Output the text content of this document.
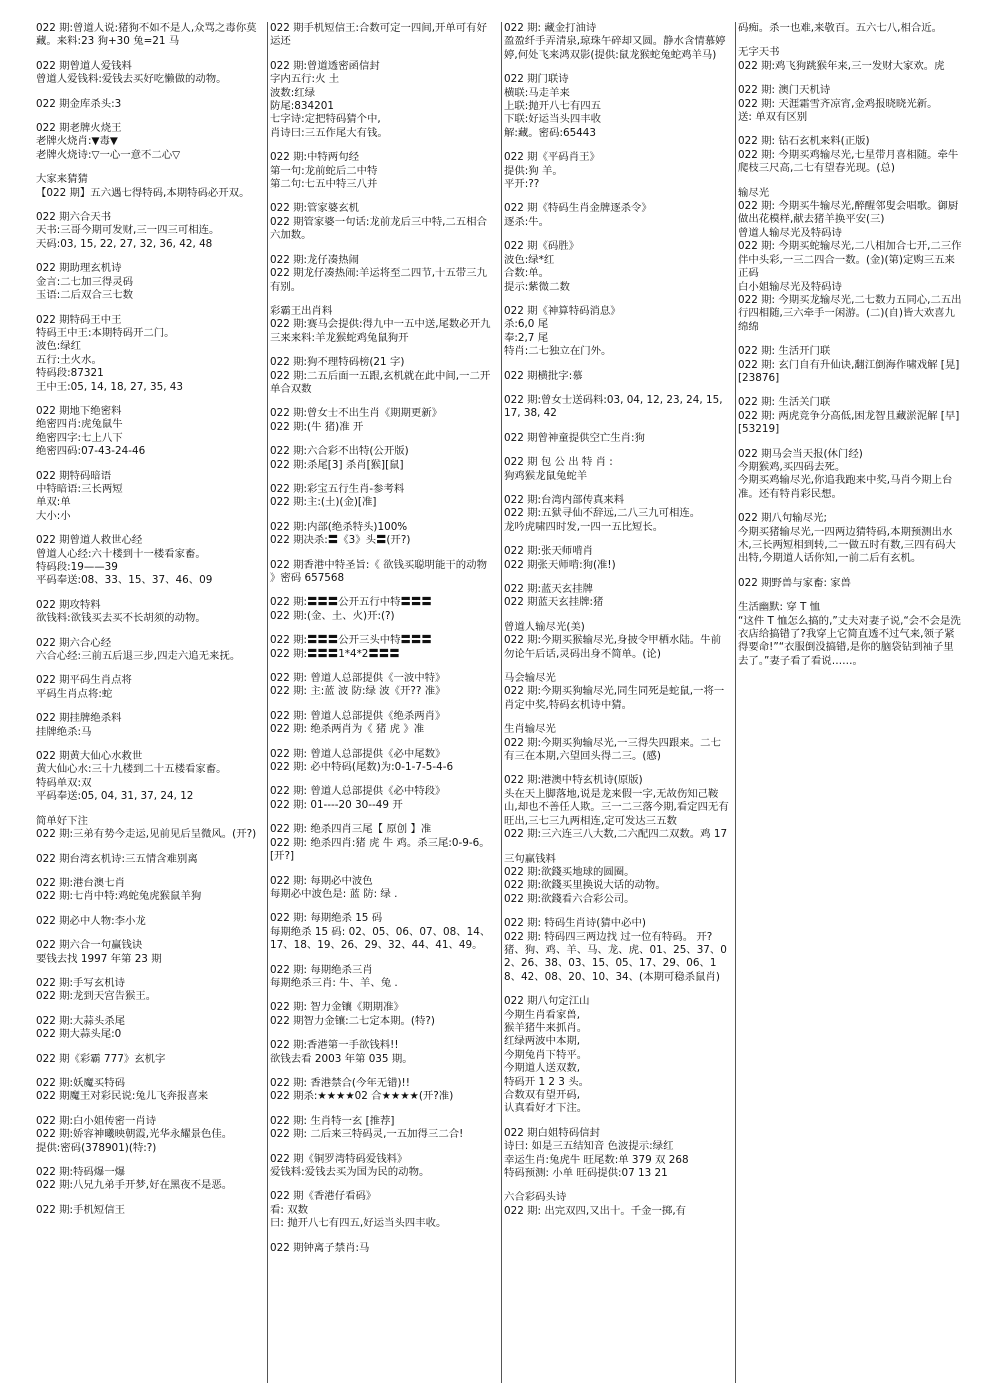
022 期:曾道人说:猪狗不如不是人,众骂之毒你莫藏。来料:23 狗+30 兔=21 马
022 期曾道人爱钱料
曾道人爱钱料:爱钱去买好吃懒做的动物。
022 期金库杀头:3
022 期老牌火烧王
老牌火烧肖:▼毒▼
老牌火烧诗:▽一心一意不二心▽
大家来猜猜
【022 期】五六遇七得特码,本期特码必开双。
022 期六合天书
天书:三哥今期可发财,三一四三可相连。
天码:03, 15, 22, 27, 32, 36, 42, 48
022 期助理玄机诗
金言:二七加三得灵码
玉语:二后双合三七数
022 期特码王中王
特码王中王:本期特码开二门。
波色:绿红
五行:土火水。
特码段:87321
王中王:05, 14, 18, 27, 35, 43
022 期地下绝密料
绝密四肖:虎兔鼠牛
绝密四字:七上八下
绝密四码:07-43-24-46
022 期特码暗语
中特暗语:三长两短
单双:单
大小:小
022 期曾道人救世心经
曾道人心经:六十楼到十一楼看家畜。
特码段:19——39
平码奉送:08、33、15、37、46、09
022 期攻特料
欲钱料:欲钱买去买不长胡须的动物。
022 期六合心经
六合心经:三前五后退三步,四走六追无来抚。
022 期平码生肖点将
平码生肖点将:蛇
022 期挂牌绝杀料
挂牌绝杀:马
022 期黄大仙心水救世
黄大仙心水:三十九楼到二十五楼看家畜。
特码单双:双
平码奉送:05, 04, 31, 37, 24, 12
简单好下注
022 期:三弟有势今走运,见前见后呈微风。(开?)
022 期台湾玄机诗:三五情含难别离
022 期:港台澳七肖
022 期:七肖中特:鸡蛇兔虎猴鼠羊狗
022 期必中人物:李小龙
022 期六合一句赢钱诀
要钱去找 1997 年第 23 期
022 期:手写玄机诗
022 期:龙到天宫告猴王。
022 期:大蒜头杀尾
022 期大蒜头尾:0
022 期《彩霸 777》玄机字
022 期:妖魔买特码
022 期魔王对彩民说:兔儿飞奔报喜来
022 期:白小姐传密一肖诗
022 期:娇容神曦映朝霞,光华永耀景色佳。
提供:密码(378901)(特:?)
022 期:特码爆一爆
022 期:八兄九弟手开梦,好在黑夜不是恶。
022 期:手机短信王
022 期手机短信王:合数可定一四间,开单可有好运还
022 期:曾道透密函信封
字内五行:火 土
波数:红绿
防尾:834201
七字诗:定把特码猜个中,
肖诗曰:三五作尾大有钱。
022 期:中特两句经
第一句:龙前蛇后二中特
第二句:七五中特三八并
022 期:管家婆玄机
022 期管家婆一句话:龙前龙后三中特,二五相合六加数。
022 期:龙仔凑热闹
022 期龙仔凑热闹:羊运将至二四节,十五带三九有别。
彩霸王出肖料
022 期:赛马会提供:得九中一五中送,尾数必开九三来来料:羊龙猴蛇鸡兔鼠狗开
022 期:狗不理特码榜(21 字)
022 期:二五后面一五跟,玄机就在此中间,一二开单合双数
022 期:曾女士不出生肖《期期更新》
022 期:(牛 猪)准 开
022 期:六合彩不出特(公开版)
022 期:杀尾[3] 杀肖[猴][鼠]
022 期:彩宝五行生肖-参考料
022 期:主:(土)(金)[准]
022 期:内部(绝杀特头)100%
022 期决杀:〓《3》头〓(开?)
022 期香港中特圣旨:《 欲钱买聪明能干的动物 》密码 657568
022 期:〓〓〓公开五行中特〓〓〓
022 期:(金、土、火)开:(?)
022 期:〓〓〓公开三头中特〓〓〓
022 期:〓〓〓1*4*2〓〓〓
022 期: 曾道人总部提供《一波中特》
022 期: 主:蓝 波 防:绿 波《开?? 准》
022 期: 曾道人总部提供《绝杀两肖》
022 期: 绝杀两肖为《 猪 虎 》准
022 期: 曾道人总部提供《必中尾数》
022 期: 必中特码(尾数)为:0-1-7-5-4-6
022 期: 曾道人总部提供《必中特段》
022 期: 01----20 30--49 开
022 期: 绝杀四肖三尾【 原创 】准
022 期: 绝杀四肖:猪 虎 牛 鸡。杀三尾:0-9-6。[开?]
022 期: 每期必中波色
每期必中波色是: 蓝 防: 绿 .
022 期: 每期绝杀 15 码
每期绝杀 15 码: 02、05、06、07、08、14、17、18、19、26、29、32、44、41、49。
022 期: 每期绝杀三肖
每期绝杀三肖: 牛、羊、兔 .
022 期: 智力金镶《期期准》
022 期智力金镶:二七定本期。(特?)
022 期:香港第一手欲钱料!!
欲钱去看 2003 年第 035 期。
022 期: 香港禁合(今年无错)!!
022 期杀:★★★★02 合★★★★(开?准)
022 期: 生肖特一玄 [推荐]
022 期: 二后来三特码灵,一五加得三二合!
022 期《铜罗湾特码爱钱料》
爱钱料:爱钱去买为国为民的动物。
022 期《香港仔看码》
看: 双数
曰: 抛开八七有四五,好运当头四丰收。
022 期钟离子禁肖:马
022 期: 藏金打油诗
盈盈纤手弄清泉,琼珠午碎却又圆。静水含情慕婷婷,何处飞来鸿双影(提供:鼠龙猴蛇兔蛇鸡羊马)
022 期门联诗
横联:马走羊来
上联:抛开八七有四五
下联:好运当头四丰收
解:藏。密码:65443
022 期《平码肖王》
提供:狗 羊。
平开:??
022 期《特码生肖金牌逐杀令》
逐杀:牛。
022 期《码胜》
波色:绿*红
合数:单。
提示:紫微二数
022 期《神算特码消息》
杀:6,0 尾
奉:2,7 尾
特肖:二七独立在门外。
022 期横批字:慕
022 期:曾女士送码料:03, 04, 12, 23, 24, 15, 17, 38, 42
022 期曾神童提供空亡生肖:狗
022 期 包 公 出 特 肖 :
狗鸡猴龙鼠兔蛇羊
022 期:台湾内部传真来料
022 期:五狱寻仙不辞远,二八三九可相连。
龙吟虎啸四时发,一四一五比短长。
022 期:张天师啃肖
022 期张天师啃:狗(准!)
022 期:蓝天玄挂牌
022 期蓝天玄挂牌:猪
曾道人输尽光(美)
022 期:今期买猴输尽光,身披令甲栖水陆。牛前勿论午后话,灵码出身不简单。(论)
马会输尽光
022 期:今期买狗输尽光,同生同死是蛇鼠,一将一肖定中奖,特码玄机诗中猜。
生肖输尽光
022 期:今期买狗输尽光,一三得失四跟来。二七有三在本期,六望回头得二三。(感)
022 期:港澳中特玄机诗(原版)
头在天上脚落地,说是龙来假一字,无故伤知己鞍山,却也不善任人欺。三一二三落今期,看定四无有旺出,三七三九两相连,定可发达三五数
022 期:三六连三八大数,二六配四二双数。鸡 17
三句赢钱料
022 期:欲錢买地球的圆圈。
022 期:欲錢买里换说大话的动物。
022 期:欲錢看六合彩公司。
022 期: 特码生肖诗(猜中必中)
022 期: 特码四三两边找 过一位有特码。 开?
猪、狗、鸡、羊、马、龙、虎、01、25、37、02、26、38、03、15、05、17、29、06、18、42、08、20、10、34、(本期可稳杀鼠肖)
022 期八句定江山
今期生肖看家兽,
猴羊猪牛来抓肖。
红绿两波中本期,
今期兔肖下特平。
今期道人送双数,
特码开 1 2 3 头。
合数双有望开码,
认真看好才下注。
022 期白姐特码信封
诗曰: 如是三五结知音 色波提示:绿红
幸运生肖:兔虎牛 旺尾数:单 379 双 268
特码预测: 小单 旺码提供:07 13 21
六合彩码头诗
022 期: 出完双四,又出十。千金一掷,有
码痴。杀一也难,来敬百。五六七八,相合近。
无字天书
022 期:鸡飞狗跳猴年来,三一发财大家欢。虎
022 期: 澳门天机诗
022 期: 天涯霜雪齐凉宵,金鸡报晓晓光新。
送: 单双有区别
022 期: 钻石玄机来料(正版)
022 期: 今期买鸡输尽光,七星带月喜相随。牵牛爬枝三尺高,二七有望春光现。(总)
输尽光
022 期: 今期买牛输尽光,醉醒邻叟会唱歌。御厨做出花模样,献去猪羊换平安(三)
曾道人输尽光及特码诗
022 期: 今期买蛇输尽光,二八相加合七开,二三作伴中头彩,一三二四合一数。(金)(第)定购三五来正码
白小姐输尽光及特码诗
022 期: 今期买龙输尽光,二七数力五同心,二五出行四相随,三六牵手一闲游。(二)(自)皆大欢喜九绵绵
022 期: 生活开门联
022 期: 玄门自有升仙诀,翻江倒海作啸戏解 [晃] [23876]
022 期: 生活关门联
022 期: 两虎竞争分高低,困龙智且藏淤泥解 [早] [53219]
022 期马会当天报(休门经)
今期猴鸡,买四码去死。
今期买鸡输尽光,你追我跑来中奖,马肖今期上台准。还有特肖彩民想。
022 期八句输尽光;
今期买猪输尽光,一四两边猜特码,本期预测出水木,三长两短相到转,二一做五时有数,三四有码大出特,今期道人话你知,一前二后有玄机。
022 期野兽与家畜: 家兽
生活幽默: 穿 T 恤
“这件 T 恤怎么搞的,”丈夫对妻子说,“会不会是洗衣店给搞错了?我穿上它简直透不过气来,领子紧得要命!”“衣服倒没搞错,是你的脑袋钻到袖子里去了。”妻子看了看说……。
